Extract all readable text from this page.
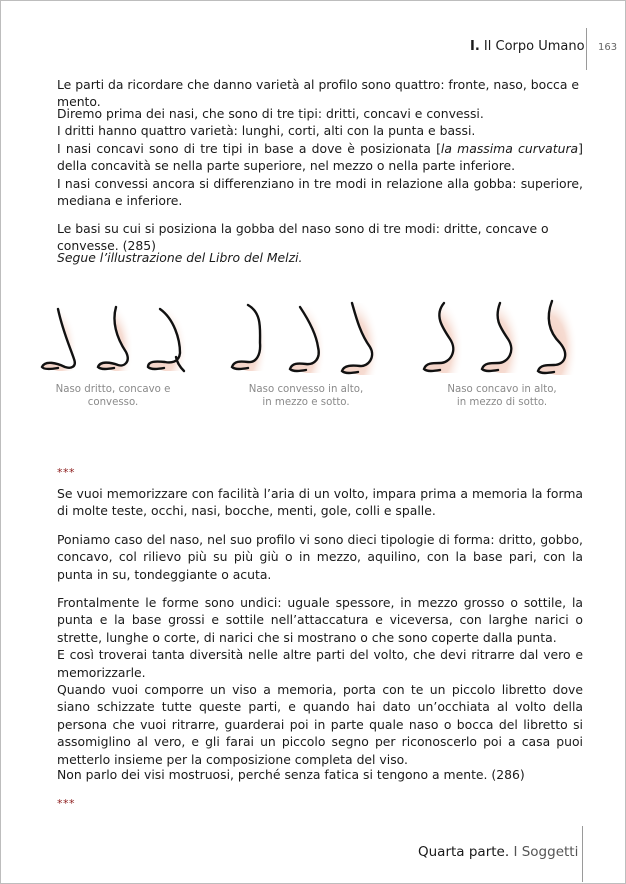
I. Il Corpo Umano 163

Le parti da ricordare che danno varietà al profilo sono quattro: fronte, naso, bocca e mento.

Diremo prima dei nasi, che sono di tre tipi: dritti, concavi e convessi.

I dritti hanno quattro varietà: lunghi, corti, alti con la punta e bassi.

I nasi concavi sono di tre tipi in base a dove è posizionata [la massima curvatura] della concavità se nella parte superiore, nel mezzo o nella parte inferiore.

I nasi convessi ancora si differenziano in tre modi in relazione alla gobba: superiore, mediana e inferiore.

Le basi su cui si posiziona la gobba del naso sono di tre modi: dritte, concave o convesse. (285)

Segue l’illustrazione del Libro del Melzi.

Naso dritto, concavo e
convesso.
Naso convesso in alto,
in mezzo e sotto.
Naso concavo in alto,
in mezzo di sotto.
***

Se vuoi memorizzare con facilità l’aria di un volto, impara prima a memoria la forma di molte teste, occhi, nasi, bocche, menti, gole, colli e spalle.

Poniamo caso del naso, nel suo profilo vi sono dieci tipologie di forma: dritto, gobbo, concavo, col rilievo più su più giù o in mezzo, aquilino, con la base pari, con la punta in su, tondeggiante o acuta.

Frontalmente le forme sono undici: uguale spessore, in mezzo grosso o sottile, la punta e la base grossi e sottile nell’attaccatura e viceversa, con larghe narici o strette, lunghe o corte, di narici che si mostrano o che sono coperte dalla punta.

E così troverai tanta diversità nelle altre parti del volto, che devi ritrarre dal vero e memorizzarle.

Quando vuoi comporre un viso a memoria, porta con te un piccolo libretto dove siano schizzate tutte queste parti, e quando hai dato un’occhiata al volto della persona che vuoi ritrarre, guarderai poi in parte quale naso o bocca del libretto si assomiglino al vero, e gli farai un piccolo segno per riconoscerlo poi a casa puoi metterlo insieme per la composizione completa del viso.

Non parlo dei visi mostruosi, perché senza fatica si tengono a mente. (286)

***
Quarta parte. I Soggetti
